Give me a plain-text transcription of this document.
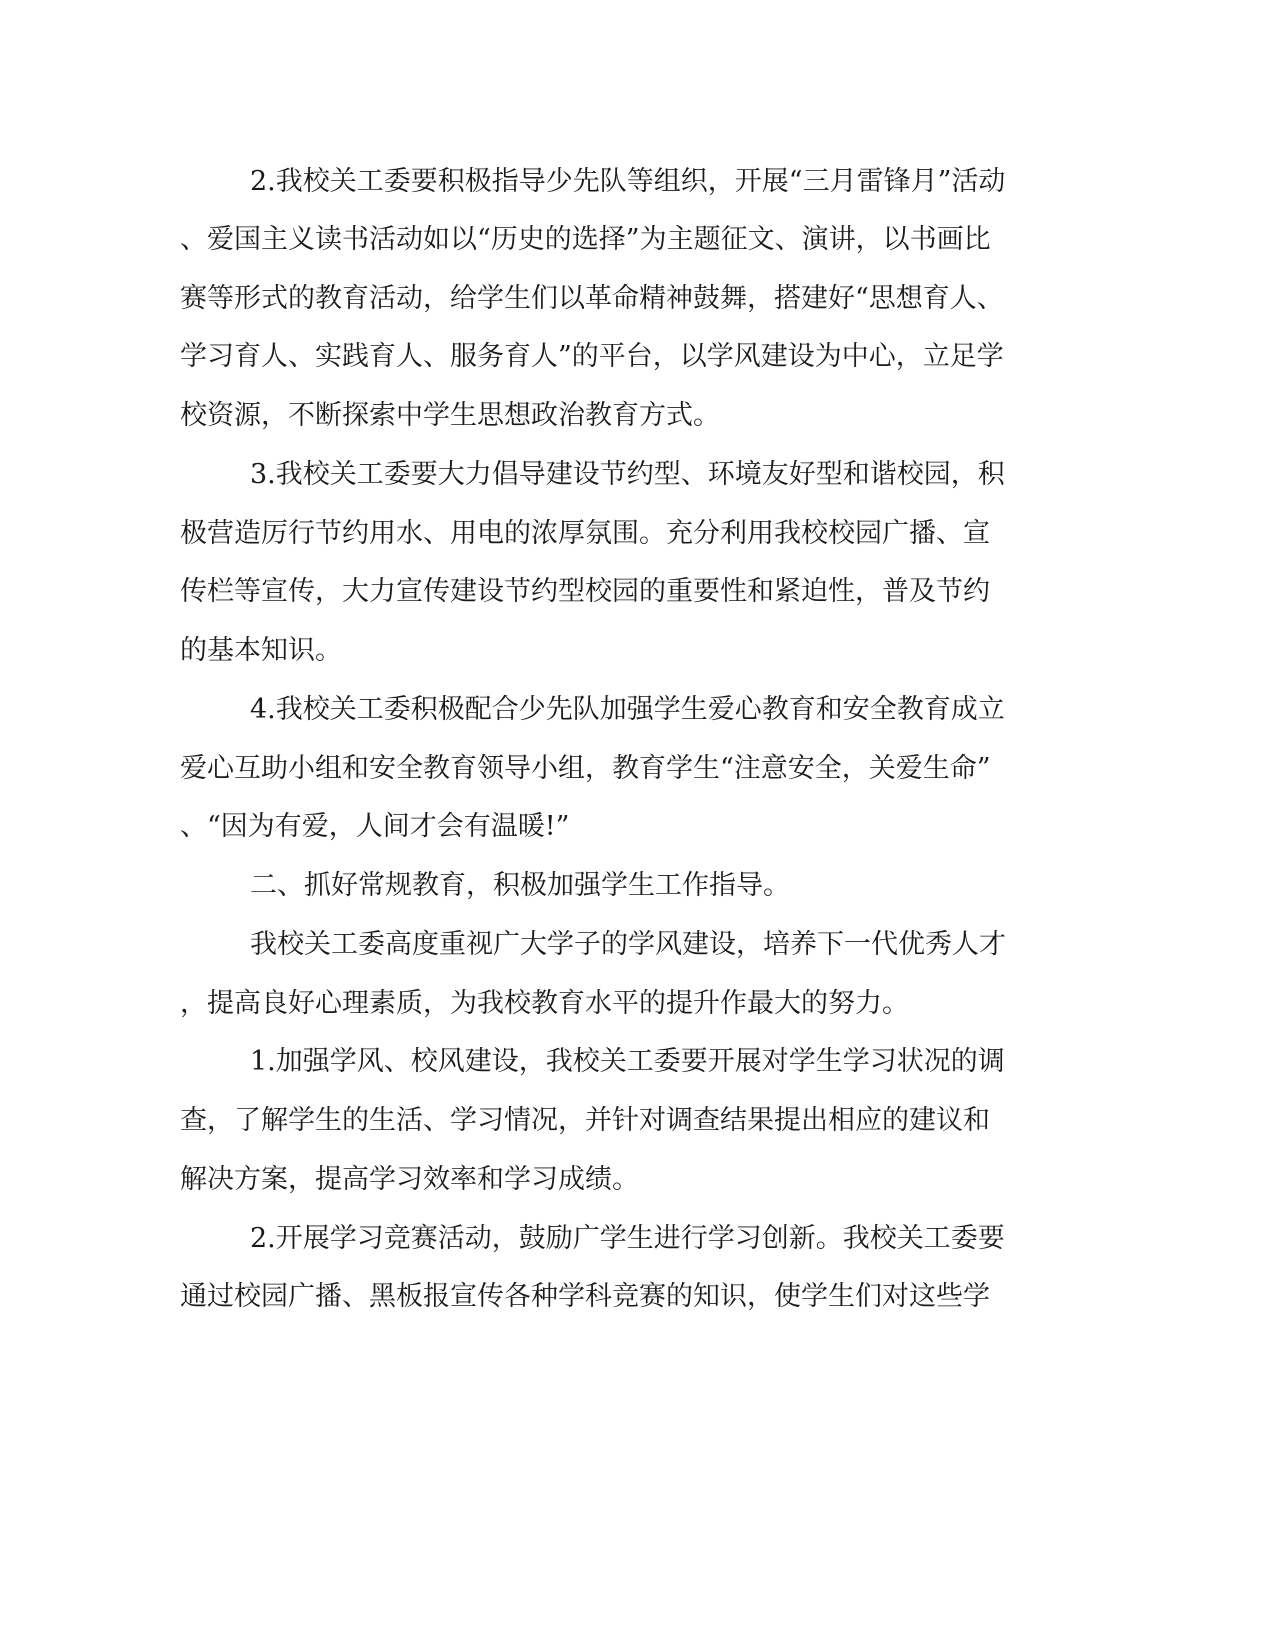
2.我校关工委要积极指导少先队等组织，开展“三月雷锋月”活动
、爱国主义读书活动如以“历史的选择”为主题征文、演讲，以书画比
赛等形式的教育活动，给学生们以革命精神鼓舞，搭建好“思想育人、
学习育人、实践育人、服务育人”的平台，以学风建设为中心，立足学
校资源，不断探索中学生思想政治教育方式。
3.我校关工委要大力倡导建设节约型、环境友好型和谐校园，积
极营造厉行节约用水、用电的浓厚氛围。充分利用我校校园广播、宣
传栏等宣传，大力宣传建设节约型校园的重要性和紧迫性，普及节约
的基本知识。
4.我校关工委积极配合少先队加强学生爱心教育和安全教育成立
爱心互助小组和安全教育领导小组，教育学生“注意安全，关爱生命”
、“因为有爱，人间才会有温暖!”
二、抓好常规教育，积极加强学生工作指导。
我校关工委高度重视广大学子的学风建设，培养下一代优秀人才
，提高良好心理素质，为我校教育水平的提升作最大的努力。
1.加强学风、校风建设，我校关工委要开展对学生学习状况的调
查，了解学生的生活、学习情况，并针对调查结果提出相应的建议和
解决方案，提高学习效率和学习成绩。
2.开展学习竞赛活动，鼓励广学生进行学习创新。我校关工委要
通过校园广播、黑板报宣传各种学科竞赛的知识，使学生们对这些学
